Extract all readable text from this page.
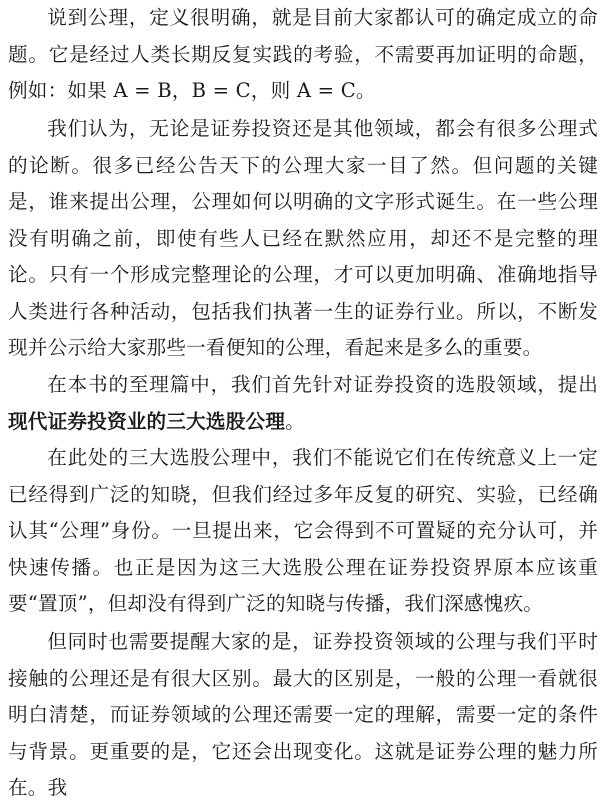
说到公理，定义很明确，就是目前大家都认可的确定成立的命题。它是经过人类长期反复实践的考验，不需要再加证明的命题，例如：如果 A = B，B = C，则 A = C。

我们认为，无论是证券投资还是其他领域，都会有很多公理式的论断。很多已经公告天下的公理大家一目了然。但问题的关键是，谁来提出公理，公理如何以明确的文字形式诞生。在一些公理没有明确之前，即使有些人已经在默然应用，却还不是完整的理论。只有一个形成完整理论的公理，才可以更加明确、准确地指导人类进行各种活动，包括我们执著一生的证券行业。所以，不断发现并公示给大家那些一看便知的公理，看起来是多么的重要。

在本书的至理篇中，我们首先针对证券投资的选股领域，提出现代证券投资业的三大选股公理。

在此处的三大选股公理中，我们不能说它们在传统意义上一定已经得到广泛的知晓，但我们经过多年反复的研究、实验，已经确认其“公理”身份。一旦提出来，它会得到不可置疑的充分认可，并快速传播。也正是因为这三大选股公理在证券投资界原本应该重要“置顶”，但却没有得到广泛的知晓与传播，我们深感愧疚。

但同时也需要提醒大家的是，证券投资领域的公理与我们平时接触的公理还是有很大区别。最大的区别是，一般的公理一看就很明白清楚，而证券领域的公理还需要一定的理解，需要一定的条件与背景。更重要的是，它还会出现变化。这就是证券公理的魅力所在。我
